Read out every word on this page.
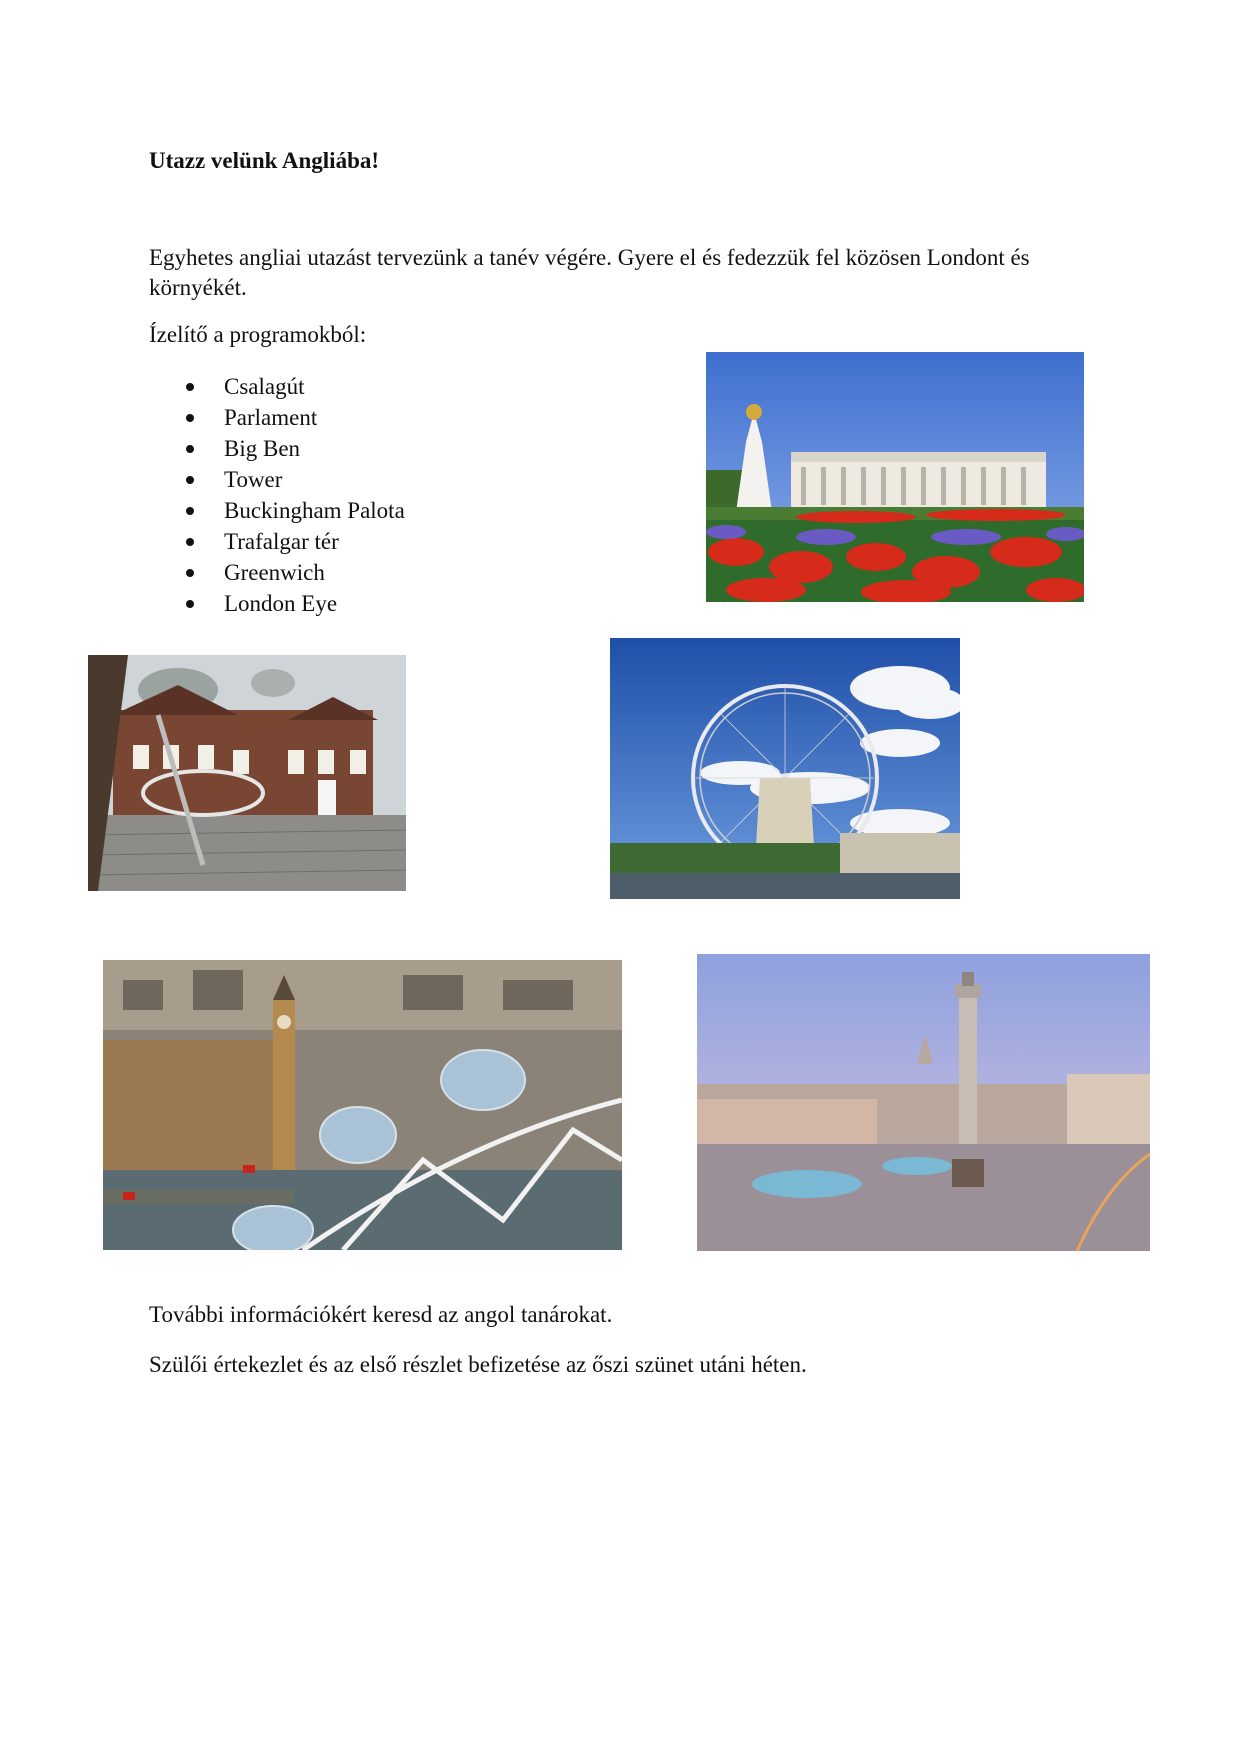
Utazz velünk Angliába!
Egyhetes angliai utazást tervezünk a tanév végére. Gyere el és fedezzük fel közösen Londont és környékét.
Ízelítő a programokból:
Csalagút
Parlament
Big Ben
Tower
Buckingham Palota
Trafalgar tér
Greenwich
London Eye
További információkért keresd az angol tanárokat.
Szülői értekezlet és az első részlet befizetése az őszi szünet utáni héten.
